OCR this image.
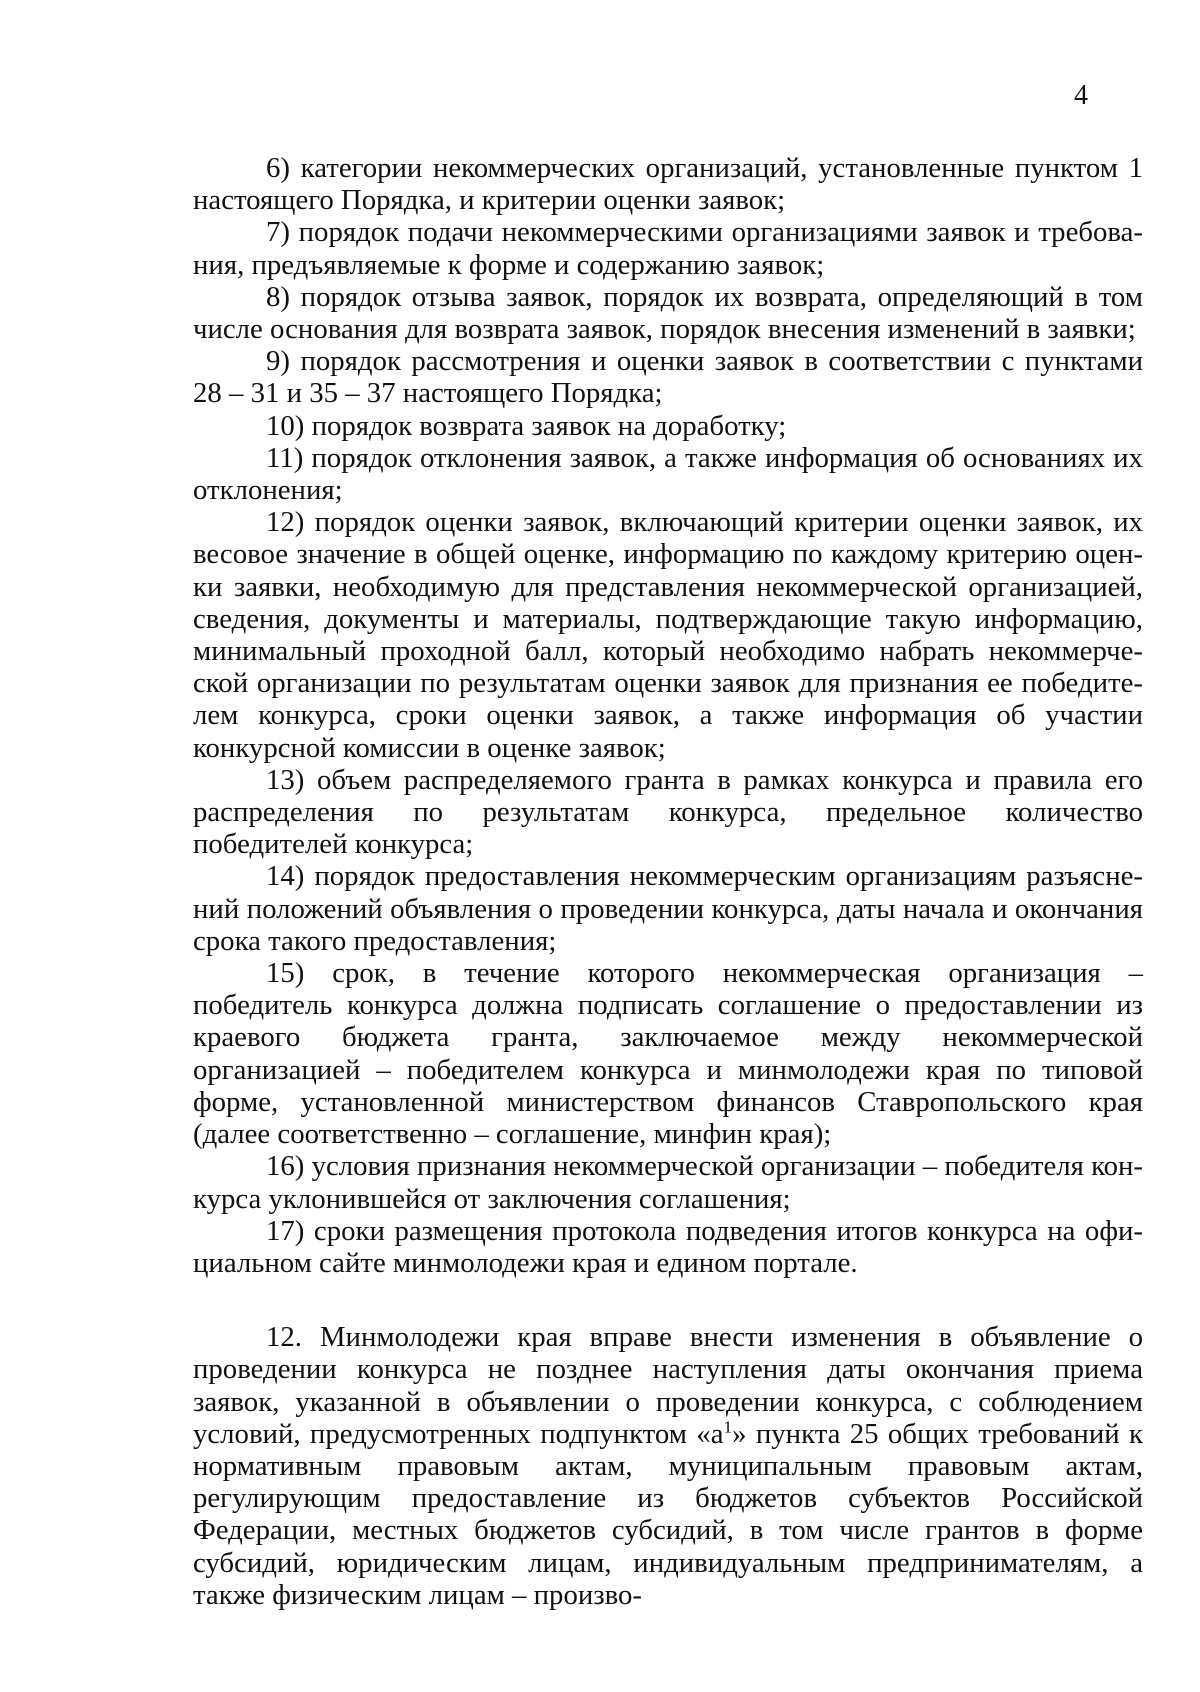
4

6) категории некоммерческих организаций, установленные пунктом 1 настоящего Порядка, и критерии оценки заявок;

7) порядок подачи некоммерческими организациями заявок и требования, предъявляемые к форме и содержанию заявок;

8) порядок отзыва заявок, порядок их возврата, определяющий в том числе основания для возврата заявок, порядок внесения изменений в заявки;

9) порядок рассмотрения и оценки заявок в соответствии с пунктами 28 – 31 и 35 – 37 настоящего Порядка;

10) порядок возврата заявок на доработку;

11) порядок отклонения заявок, а также информация об основаниях их отклонения;

12) порядок оценки заявок, включающий критерии оценки заявок, их весовое значение в общей оценке, информацию по каждому критерию оценки заявки, необходимую для представления некоммерческой организацией, сведения, документы и материалы, подтверждающие такую информацию, минимальный проходной балл, который необходимо набрать некоммерческой организации по результатам оценки заявок для признания ее победителем конкурса, сроки оценки заявок, а также информация об участии конкурсной комиссии в оценке заявок;

13) объем распределяемого гранта в рамках конкурса и правила его распределения по результатам конкурса, предельное количество победителей конкурса;

14) порядок предоставления некоммерческим организациям разъяснений положений объявления о проведении конкурса, даты начала и окончания срока такого предоставления;

15) срок, в течение которого некоммерческая организация – победитель конкурса должна подписать соглашение о предоставлении из краевого бюджета гранта, заключаемое между некоммерческой организацией – победителем конкурса и минмолодежи края по типовой форме, установленной министерством финансов Ставропольского края (далее соответственно – соглашение, минфин края);

16) условия признания некоммерческой организации – победителя конкурса уклонившейся от заключения соглашения;

17) сроки размещения протокола подведения итогов конкурса на официальном сайте минмолодежи края и едином портале.

12. Минмолодежи края вправе внести изменения в объявление о проведении конкурса не позднее наступления даты окончания приема заявок, указанной в объявлении о проведении конкурса, с соблюдением условий, предусмотренных подпунктом «$а^1$» пункта 25 общих требований к нормативным правовым актам, муниципальным правовым актам, регулирующим предоставление из бюджетов субъектов Российской Федерации, местных бюджетов субсидий, в том числе грантов в форме субсидий, юридическим лицам, индивидуальным предпринимателям, а также физическим лицам – произво-
